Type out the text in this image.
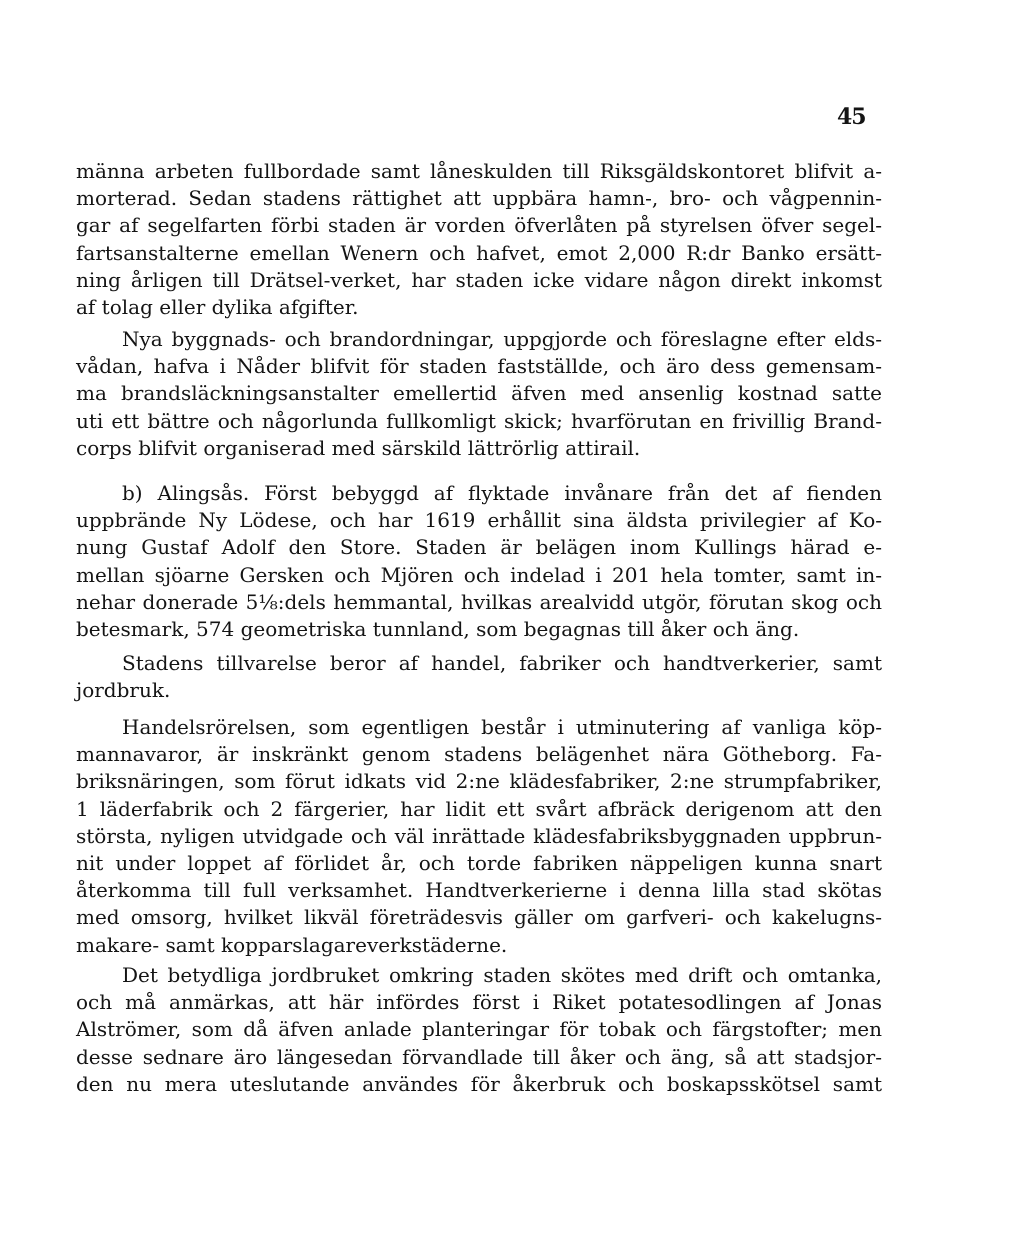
45
männa arbeten fullbordade samt låneskulden till Riksgäldskontoret blifvit a-
morterad. Sedan stadens rättighet att uppbära hamn-, bro- och vågpennin-
gar af segelfarten förbi staden är vorden öfverlåten på styrelsen öfver segel-
fartsanstalterne emellan Wenern och hafvet, emot 2,000 R:dr Banko ersätt-
ning årligen till Drätsel-verket, har staden icke vidare någon direkt inkomst
af tolag eller dylika afgifter.
Nya byggnads- och brandordningar, uppgjorde och föreslagne efter elds-
vådan, hafva i Nåder blifvit för staden fastställde, och äro dess gemensam-
ma brandsläckningsanstalter emellertid äfven med ansenlig kostnad satte
uti ett bättre och någorlunda fullkomligt skick; hvarförutan en frivillig Brand-
corps blifvit organiserad med särskild lättrörlig attirail.
b) Alingsås. Först bebyggd af flyktade invånare från det af fienden
uppbrände Ny Lödese, och har 1619 erhållit sina äldsta privilegier af Ko-
nung Gustaf Adolf den Store. Staden är belägen inom Kullings härad e-
mellan sjöarne Gersken och Mjören och indelad i 201 hela tomter, samt in-
nehar donerade 5⅛:dels hemmantal, hvilkas arealvidd utgör, förutan skog och
betesmark, 574 geometriska tunnland, som begagnas till åker och äng.
Stadens tillvarelse beror af handel, fabriker och handtverkerier, samt
jordbruk.
Handelsrörelsen, som egentligen består i utminutering af vanliga köp-
mannavaror, är inskränkt genom stadens belägenhet nära Götheborg. Fa-
briksnäringen, som förut idkats vid 2:ne klädesfabriker, 2:ne strumpfabriker,
1 läderfabrik och 2 färgerier, har lidit ett svårt afbräck derigenom att den
största, nyligen utvidgade och väl inrättade klädesfabriksbyggnaden uppbrun-
nit under loppet af förlidet år, och torde fabriken näppeligen kunna snart
återkomma till full verksamhet. Handtverkerierne i denna lilla stad skötas
med omsorg, hvilket likväl företrädesvis gäller om garfveri- och kakelugns-
makare- samt kopparslagareverkstäderne.
Det betydliga jordbruket omkring staden skötes med drift och omtanka,
och må anmärkas, att här infördes först i Riket potatesodlingen af Jonas
Alströmer, som då äfven anlade planteringar för tobak och färgstofter; men
desse sednare äro längesedan förvandlade till åker och äng, så att stadsjor-
den nu mera uteslutande användes för åkerbruk och boskapsskötsel samt
